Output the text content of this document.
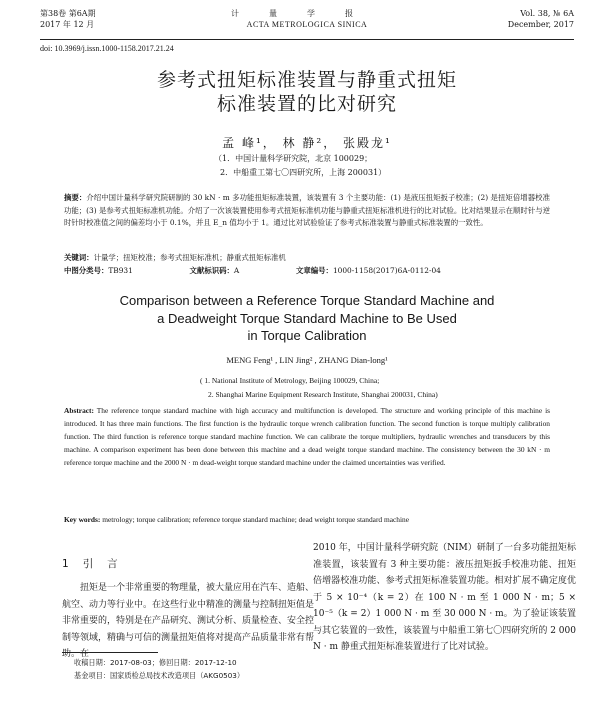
第38卷 第6A期
2017 年 12 月
计量学报
ACTA METROLOGICA SINICA
Vol. 38, № 6A
December, 2017
doi: 10.3969/j.issn.1000-1158.2017.21.24
参考式扭矩标准装置与静重式扭矩
标准装置的比对研究
孟 峰¹， 林 静²， 张殿龙¹
（1．中国计量科学研究院，北京 100029；
2．中船重工第七〇四研究所，上海 200031）
摘要：介绍中国计量科学研究院研制的 30 kN · m 多功能扭矩标准装置，该装置有 3 个主要功能：(1) 是液压扭矩扳子校准；(2) 是扭矩倍增器校准功能；(3) 是参考式扭矩标准机功能。介绍了一次该装置使用参考式扭矩标准机功能与静重式扭矩标准机进行的比对试验。比对结果显示在顺时针与逆时针时校准值之间的偏差均小于 0.1%，并且 E_n 值均小于 1。通过比对试验验证了参考式标准装置与静重式标准装置的一致性。
关键词：计量学；扭矩校准；参考式扭矩标准机；静重式扭矩标准机
中图分类号：TB931	文献标识码：A	文章编号：1000-1158(2017)6A-0112-04
Comparison between a Reference Torque Standard Machine and
a Deadweight Torque Standard Machine to Be Used
in Torque Calibration
MENG Feng¹ , LIN Jing² , ZHANG Dian-long¹
( 1. National Institute of Metrology, Beijing 100029, China;
2. Shanghai Marine Equipment Research Institute, Shanghai 200031, China)
Abstract: The reference torque standard machine with high accuracy and multifunction is developed. The structure and working principle of this machine is introduced. It has three main functions. The first function is the hydraulic torque wrench calibration function. The second function is torque multiply calibration function. The third function is reference torque standard machine function. We can calibrate the torque multipliers, hydraulic wrenches and transducers by this machine. A comparison experiment has been done between this machine and a dead weight torque standard machine. The consistency between the 30 kN · m reference torque machine and the 2000 N · m dead-weight torque standard machine under the claimed uncertainties was verified.
Key words: metrology; torque calibration; reference torque standard machine; dead weight torque standard machine
1引言
扭矩是一个非常重要的物理量，被大量应用在汽车、造船、航空、动力等行业中。在这些行业中精准的测量与控制扭矩值是非常重要的，特别是在产品研究、测试分析、质量检查、安全控制等领域，精确与可信的测量扭矩值将对提高产品质量非常有帮助。在
2010 年，中国计量科学研究院（NIM）研制了一台多功能扭矩标准装置，该装置有 3 种主要功能：液压扭矩扳手校准功能、扭矩倍增器校准功能、参考式扭矩标准装置功能。相对扩展不确定度优于 5 × 10⁻⁴（k = 2）在 100 N · m 至 1 000 N · m；5 × 10⁻⁵（k = 2）1 000 N · m 至 30 000 N · m。为了验证该装置与其它装置的一致性，该装置与中船重工第七〇四研究所的 2 000 N · m 静重式扭矩标准装置进行了比对试验。
收稿日期：2017-08-03；修回日期：2017-12-10
基金项目：国家质检总局技术改造项目（AKG0503）
